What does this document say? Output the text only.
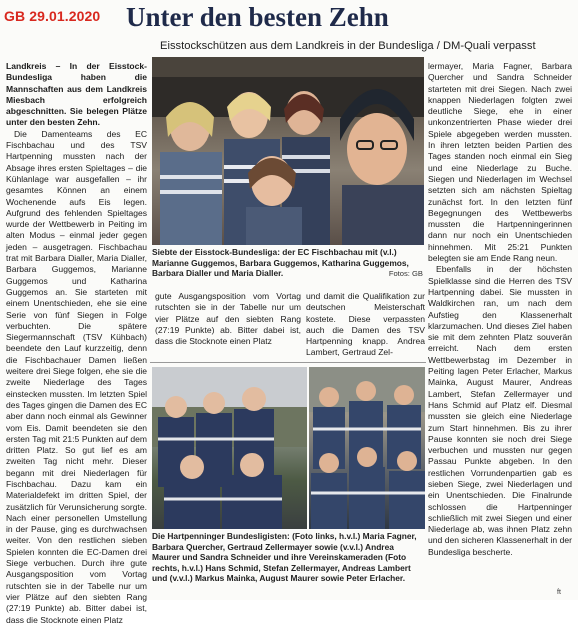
GB 29.01.2020 Unter den besten Zehn
Eisstockschützen aus dem Landkreis in der Bundesliga / DM-Quali verpasst

Landkreis – In der Eisstock-Bundesliga haben die Mannschaften aus dem Landkreis Miesbach erfolgreich abgeschnitten. Sie belegen Plätze unter den besten Zehn.

Die Damenteams des EC Fischbachau und des TSV Hartpenning mussten nach der Absage ihres ersten Spieltages – die Kühlanlage war ausgefallen – ihr gesamtes Können an einem Wochenende aufs Eis legen. Aufgrund des fehlenden Spieltages wurde der Wettbewerb in Peiting im alten Modus – einmal jeder gegen jeden – ausgetragen. Fischbachau trat mit Barbara Dialler, Maria Dialler, Barbara Guggemos, Marianne Guggemos und Katharina Guggemos an. Sie starteten mit einem Unentschieden, ehe sie eine Serie von fünf Siegen in Folge verbuchten. Die spätere Siegermannschaft (TSV Kühbach) beendete den Lauf kurzzeitig, denn die Fischbachauer Damen ließen weitere drei Siege folgen, ehe sie die zweite Niederlage des Tages einstecken mussten. Im letzten Spiel des Tages gingen die Damen des EC aber dann noch einmal als Gewinner vom Eis. Damit beendeten sie den ersten Tag mit 21:5 Punkten auf dem dritten Platz. So gut lief es am zweiten Tag nicht mehr. Dieser begann mit drei Niederlagen für Fischbachau. Dazu kam ein Materialdefekt im dritten Spiel, der zusätzlich für Verunsicherung sorgte. Nach einer personellen Umstellung in der Pause, ging es durchwachsen weiter. Von den restlichen sieben Spielen konnten die EC-Damen drei Siege verbuchen. Durch ihre gute Ausgangsposition vom Vortag rutschten sie in der Tabelle nur um vier Plätze auf den siebten Rang (27:19 Punkte) ab. Bitter dabei ist, dass die Stocknote einen Platz

Siebte der Eisstock-Bundesliga: der EC Fischbachau mit (v.l.) Marianne Guggemos, Barbara Guggemos, Katharina Guggemos, Barbara Dialler und Maria Dialler.	Fotos: GB

gute Ausgangsposition vom Vortag rutschten sie in der Tabelle nur um vier Plätze auf den siebten Rang (27:19 Punkte) ab. Bitter dabei ist, dass die Stocknote einen Platz

und damit die Qualifikation zur deutschen Meisterschaft kostete. Diese verpassten auch die Damen des TSV Hartpenning knapp. Andrea Lambert, Gertraud Zel-

Die Hartpenninger Bundesligisten: (Foto links, h.v.l.) Maria Fagner, Barbara Quercher, Gertraud Zellermayer sowie (v.v.l.) Andrea Maurer und Sandra Schneider und ihre Vereinskameraden (Foto rechts, h.v.l.) Hans Schmid, Stefan Zellermayer, Andreas Lambert und (v.v.l.) Markus Mainka, August Maurer sowie Peter Erlacher.

lermayer, Maria Fagner, Barbara Quercher und Sandra Schneider starteten mit drei Siegen. Nach zwei knappen Niederlagen folgten zwei deutliche Siege, ehe in einer unkonzentrierten Phase wieder drei Spiele abgegeben werden mussten. In ihren letzten beiden Partien des Tages standen noch einmal ein Sieg und eine Niederlage zu Buche. Siegen und Niederlagen im Wechsel setzten sich am nächsten Spieltag zunächst fort. In den letzten fünf Begegnungen des Wettbewerbs mussten die Hartpenningerinnen dann nur noch ein Unentschieden hinnehmen. Mit 25:21 Punkten belegten sie am Ende Rang neun.

Ebenfalls in der höchsten Spielklasse sind die Herren des TSV Hartpenning dabei. Sie mussten in Waldkirchen ran, um nach dem Aufstieg den Klassenerhalt klarzumachen. Und dieses Ziel haben sie mit dem zehnten Platz souverän erreicht. Nach dem ersten Wettbewerbstag im Dezember in Peiting lagen Peter Erlacher, Markus Mainka, August Maurer, Andreas Lambert, Stefan Zellermayer und Hans Schmid auf Platz elf. Diesmal mussten sie gleich eine Niederlage zum Start hinnehmen. Bis zu ihrer Pause konnten sie noch drei Siege verbuchen und mussten nur gegen Passau Punkte abgeben. In den restlichen Vorrundenpartien gab es sieben Siege, zwei Niederlagen und ein Unentschieden. Die Finalrunde schlossen die Hartpenninger schließlich mit zwei Siegen und einer Niederlage ab, was ihnen Platz zehn und den sicheren Klassenerhalt in der Bundesliga bescherte.

ft
